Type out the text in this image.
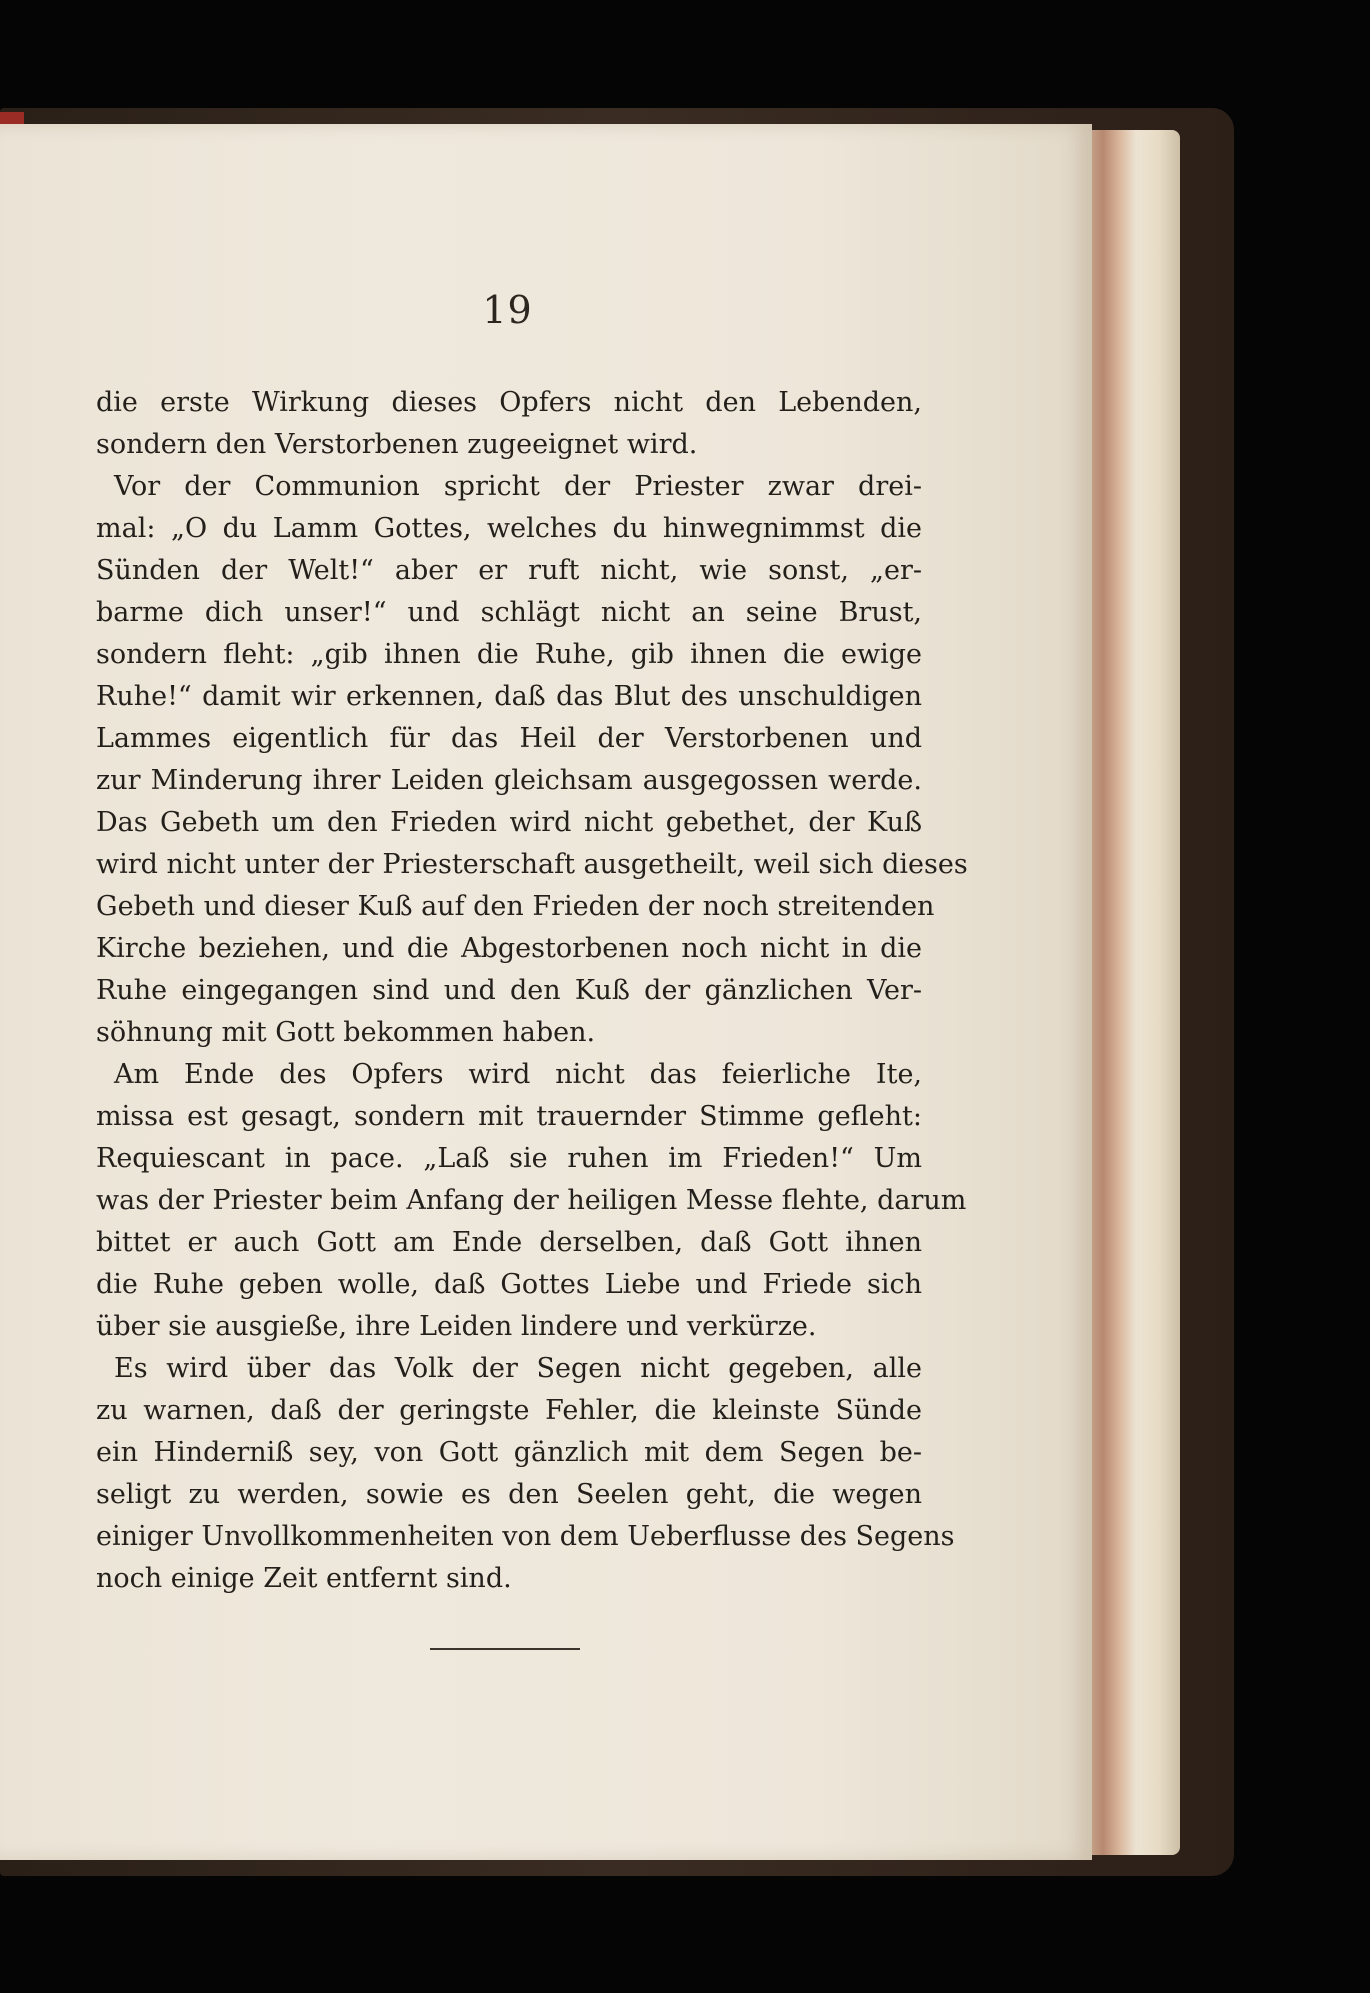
19
die erste Wirkung dieses Opfers nicht den Lebenden,
sondern den Verstorbenen zugeeignet wird.
Vor der Communion spricht der Priester zwar drei-
mal: „O du Lamm Gottes, welches du hinwegnimmst die
Sünden der Welt!“ aber er ruft nicht, wie sonst, „er-
barme dich unser!“ und schlägt nicht an seine Brust,
sondern fleht: „gib ihnen die Ruhe, gib ihnen die ewige
Ruhe!“ damit wir erkennen, daß das Blut des unschuldigen
Lammes eigentlich für das Heil der Verstorbenen und
zur Minderung ihrer Leiden gleichsam ausgegossen werde.
Das Gebeth um den Frieden wird nicht gebethet, der Kuß
wird nicht unter der Priesterschaft ausgetheilt, weil sich dieses
Gebeth und dieser Kuß auf den Frieden der noch streitenden
Kirche beziehen, und die Abgestorbenen noch nicht in die
Ruhe eingegangen sind und den Kuß der gänzlichen Ver-
söhnung mit Gott bekommen haben.
Am Ende des Opfers wird nicht das feierliche Ite,
missa est gesagt, sondern mit trauernder Stimme gefleht:
Requiescant in pace. „Laß sie ruhen im Frieden!“ Um
was der Priester beim Anfang der heiligen Messe flehte, darum
bittet er auch Gott am Ende derselben, daß Gott ihnen
die Ruhe geben wolle, daß Gottes Liebe und Friede sich
über sie ausgieße, ihre Leiden lindere und verkürze.
Es wird über das Volk der Segen nicht gegeben, alle
zu warnen, daß der geringste Fehler, die kleinste Sünde
ein Hinderniß sey, von Gott gänzlich mit dem Segen be-
seligt zu werden, sowie es den Seelen geht, die wegen
einiger Unvollkommenheiten von dem Ueberflusse des Segens
noch einige Zeit entfernt sind.
